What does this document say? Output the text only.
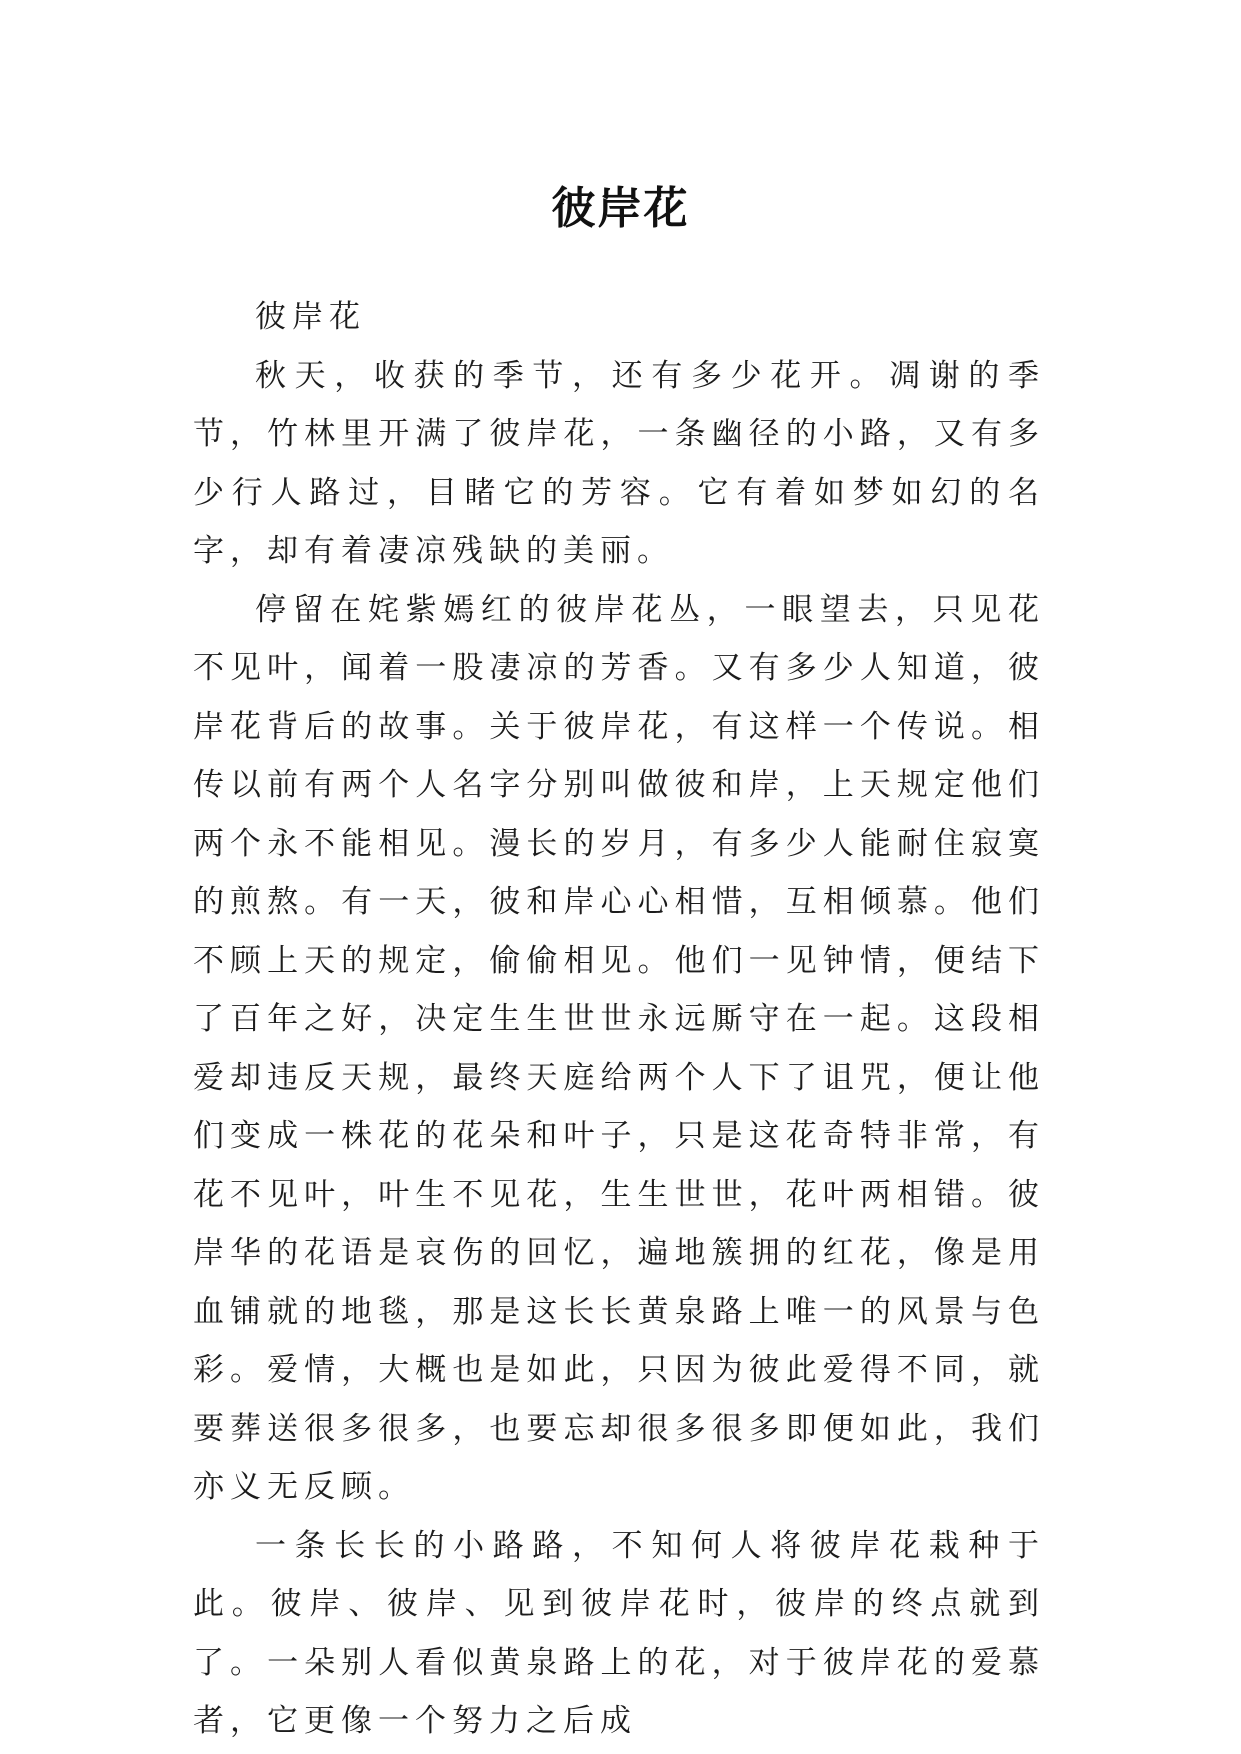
彼岸花

彼岸花

秋天，收获的季节，还有多少花开。凋谢的季节，竹林里开满了彼岸花，一条幽径的小路，又有多少行人路过，目睹它的芳容。它有着如梦如幻的名字，却有着凄凉残缺的美丽。

停留在姹紫嫣红的彼岸花丛，一眼望去，只见花不见叶，闻着一股凄凉的芳香。又有多少人知道，彼岸花背后的故事。关于彼岸花，有这样一个传说。相传以前有两个人名字分别叫做彼和岸，上天规定他们两个永不能相见。漫长的岁月，有多少人能耐住寂寞的煎熬。有一天，彼和岸心心相惜，互相倾慕。他们不顾上天的规定，偷偷相见。他们一见钟情，便结下了百年之好，决定生生世世永远厮守在一起。这段相爱却违反天规，最终天庭给两个人下了诅咒，便让他们变成一株花的花朵和叶子，只是这花奇特非常，有花不见叶，叶生不见花，生生世世，花叶两相错。彼岸华的花语是哀伤的回忆，遍地簇拥的红花，像是用血铺就的地毯，那是这长长黄泉路上唯一的风景与色彩。爱情，大概也是如此，只因为彼此爱得不同，就要葬送很多很多，也要忘却很多很多即便如此，我们亦义无反顾。

一条长长的小路路，不知何人将彼岸花栽种于此。彼岸、彼岸、见到彼岸花时，彼岸的终点就到了。一朵别人看似黄泉路上的花，对于彼岸花的爱慕者，它更像一个努力之后成
